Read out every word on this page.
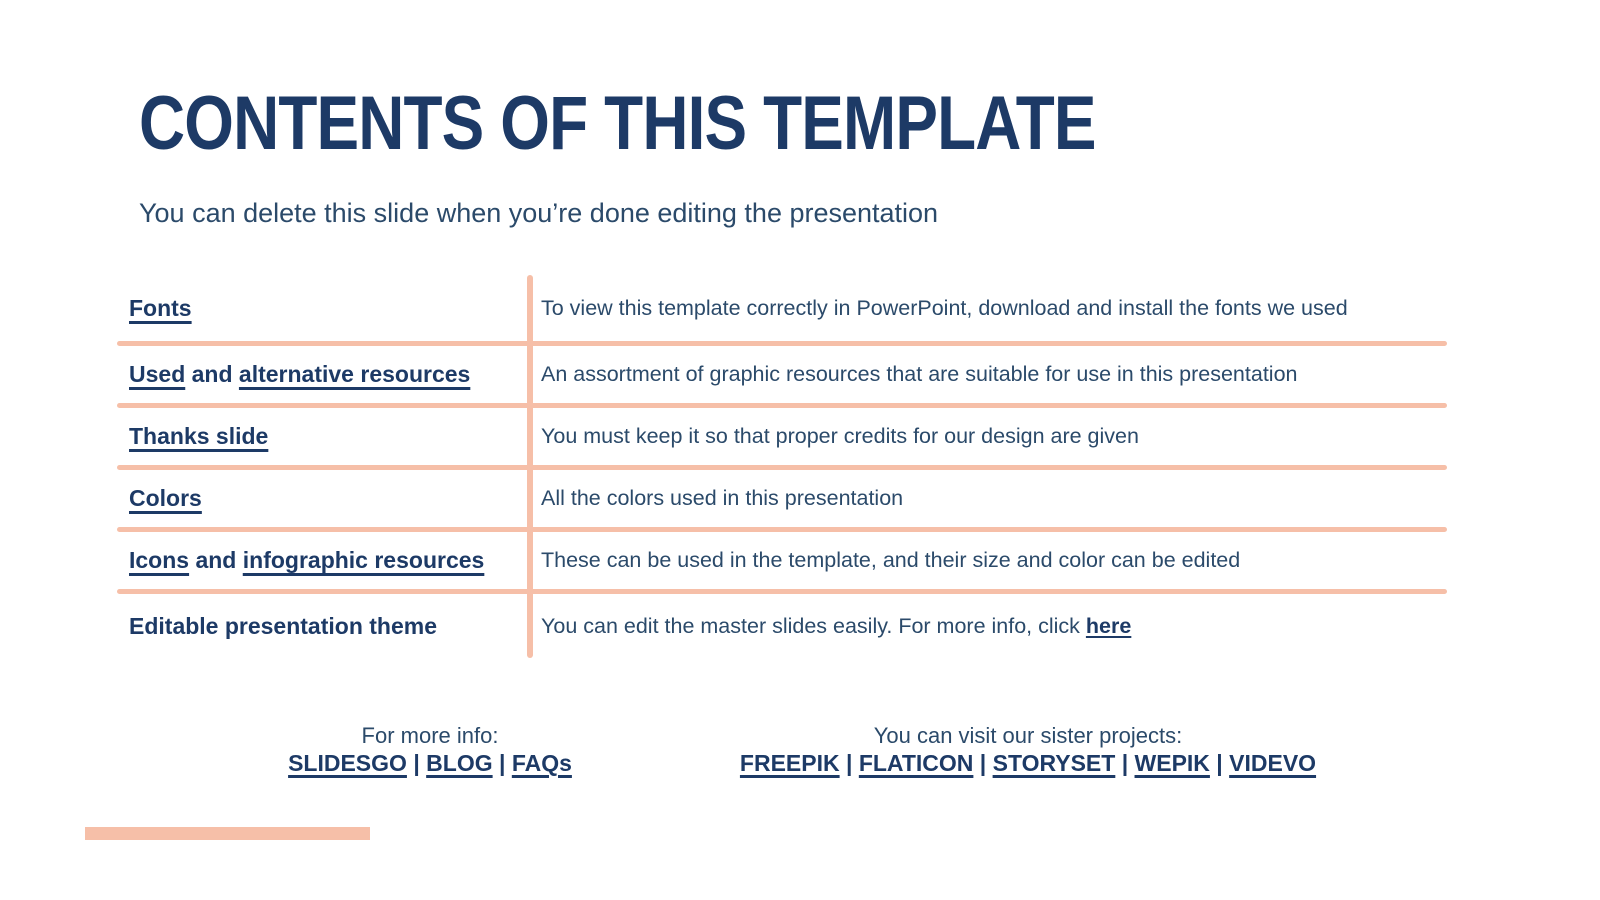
CONTENTS OF THIS TEMPLATE

You can delete this slide when you’re done editing the presentation

Fonts	To view this template correctly in PowerPoint, download and install the fonts we used
Used and alternative resources	An assortment of graphic resources that are suitable for use in this presentation
Thanks slide	You must keep it so that proper credits for our design are given
Colors	All the colors used in this presentation
Icons and infographic resources	These can be used in the template, and their size and color can be edited
Editable presentation theme	You can edit the master slides easily. For more info, click here
For more info:
SLIDESGO | BLOG | FAQs
You can visit our sister projects:
FREEPIK | FLATICON | STORYSET | WEPIK | VIDEVO
